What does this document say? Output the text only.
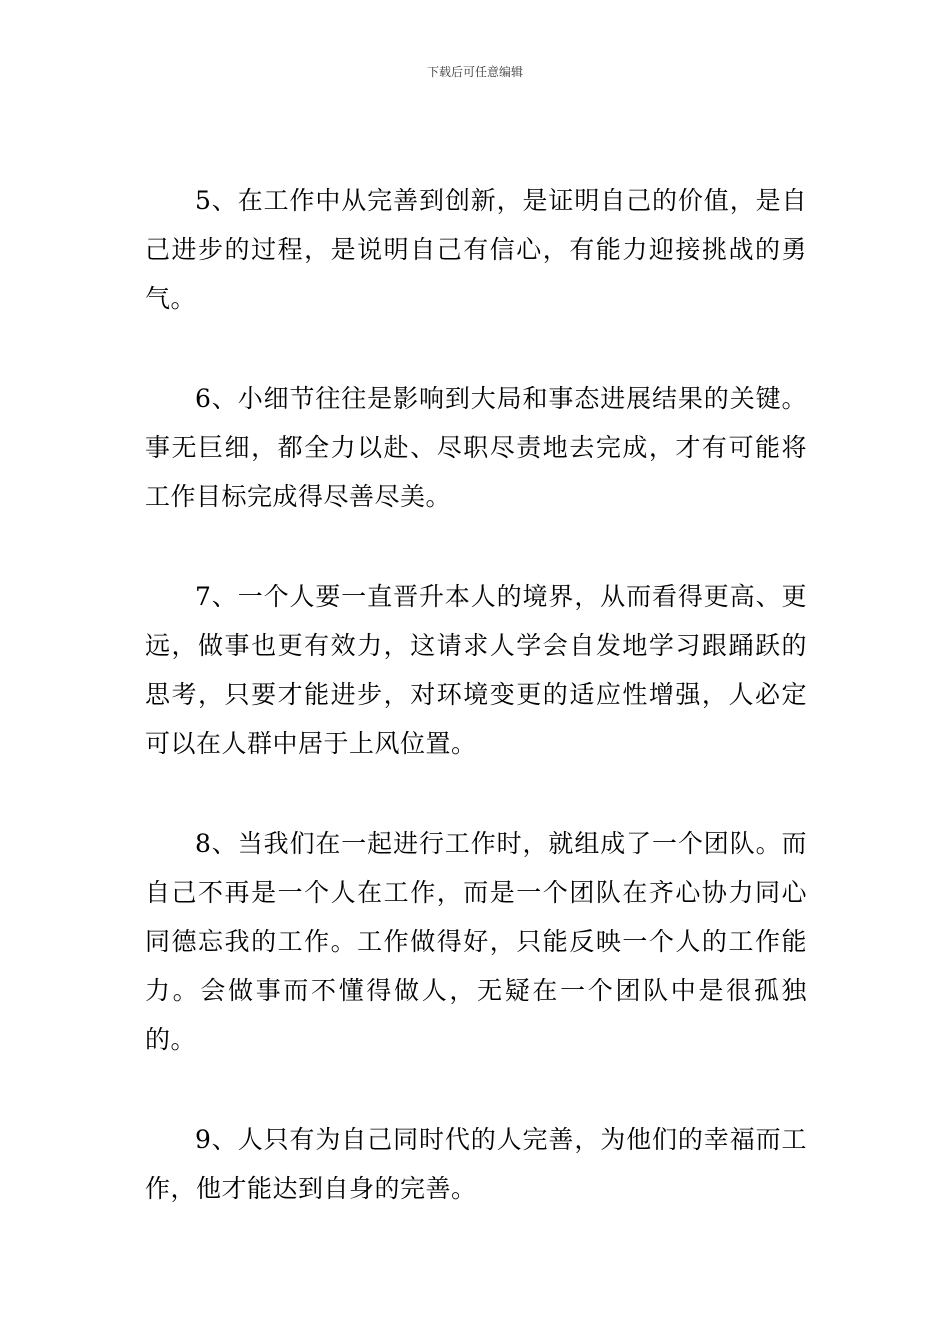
下载后可任意编辑

5、在工作中从完善到创新，是证明自己的价值，是自己进步的过程，是说明自己有信心，有能力迎接挑战的勇气。

6、小细节往往是影响到大局和事态进展结果的关键。事无巨细，都全力以赴、尽职尽责地去完成，才有可能将工作目标完成得尽善尽美。

7、一个人要一直晋升本人的境界，从而看得更高、更远，做事也更有效力，这请求人学会自发地学习跟踊跃的思考，只要才能进步，对环境变更的适应性增强，人必定可以在人群中居于上风位置。

8、当我们在一起进行工作时，就组成了一个团队。而自己不再是一个人在工作，而是一个团队在齐心协力同心同德忘我的工作。工作做得好，只能反映一个人的工作能力。会做事而不懂得做人，无疑在一个团队中是很孤独的。

9、人只有为自己同时代的人完善，为他们的幸福而工作，他才能达到自身的完善。
